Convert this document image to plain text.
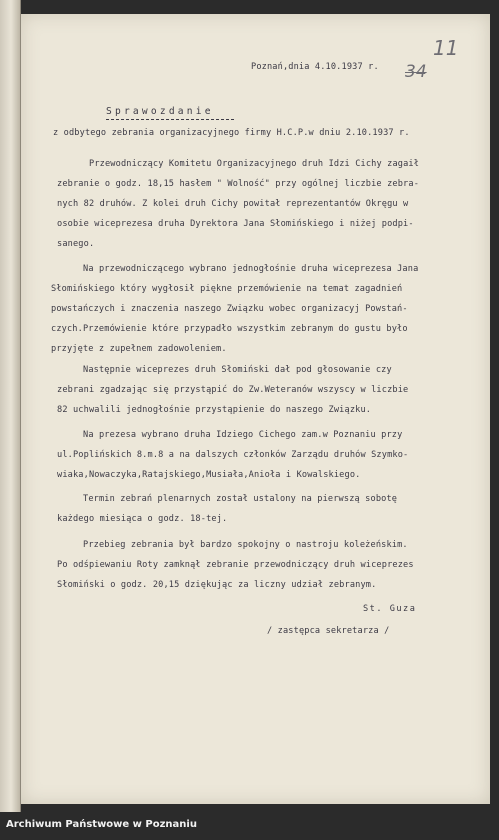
Poznań,dnia 4.10.1937 r.
11
34
Sprawozdanie
z odbytego zebrania organizacyjnego firmy H.C.P.w dniu 2.10.1937 r.
Przewodniczący Komitetu Organizacyjnego druh Idzi Cichy zagaił
zebranie o godz. 18,15 hasłem " Wolność" przy ogólnej liczbie zebra-
nych 82 druhów. Z kolei druh Cichy powitał reprezentantów Okręgu w
osobie wiceprezesa druha Dyrektora Jana Słomińskiego i niżej podpi-
sanego.
Na przewodniczącego wybrano jednogłośnie druha wiceprezesa Jana
Słomińskiego który wygłosił piękne przemówienie na temat zagadnień
powstańczych i znaczenia naszego Związku wobec organizacyj Powstań-
czych.Przemówienie które przypadło wszystkim zebranym do gustu było
przyjęte z zupełnem zadowoleniem.
Następnie wiceprezes druh Słomiński dał pod głosowanie czy
zebrani zgadzając się przystąpić do Zw.Weteranów wszyscy w liczbie
82 uchwalili jednogłośnie przystąpienie do naszego Związku.
Na prezesa wybrano druha Idziego Cichego zam.w Poznaniu przy
ul.Poplińskich 8.m.8 a na dalszych członków Zarządu druhów Szymko-
wiaka,Nowaczyka,Ratajskiego,Musiała,Anioła i Kowalskiego.
Termin zebrań plenarnych został ustalony na pierwszą sobotę
każdego miesiąca o godz. 18-tej.
Przebieg zebrania był bardzo spokojny o nastroju koleżeńskim.
Po odśpiewaniu Roty zamknął zebranie przewodniczący druh wiceprezes
Słomiński o godz. 20,15 dziękując za liczny udział zebranym.
St. Guza
/ zastępca sekretarza /
Archiwum Państwowe w Poznaniu
